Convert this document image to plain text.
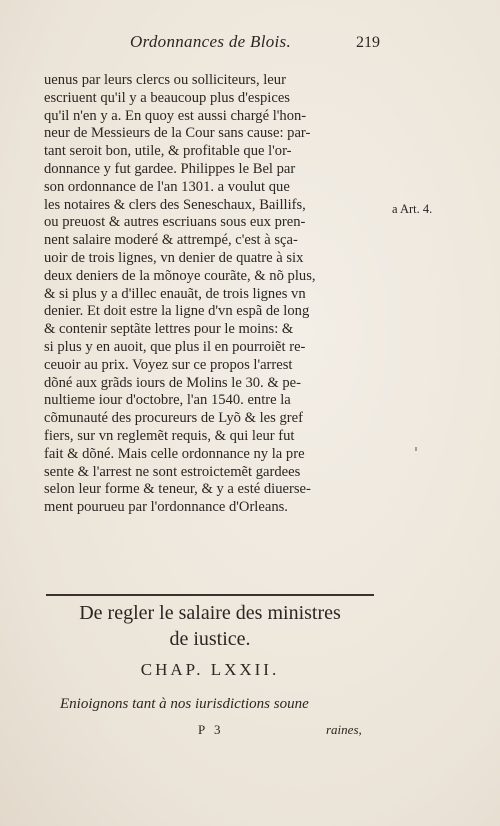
Ordonnances de Blois.	219
uenus par leurs clercs ou solliciteurs, leur
escriuent qu'il y a beaucoup plus d'espices
qu'il n'en y a. En quoy est aussi chargé l'hon-
neur de Messieurs de la Cour sans cause: par-
tant seroit bon, utile, & profitable que l'or-
donnance y fut gardee. Philippes le Bel par
son ordonnance de l'an 1301. a voulut que
les notaires & clers des Seneschaux, Baillifs,
ou preuost & autres escriuans sous eux pren-
nent salaire moderé & attrempé, c'est à sça-
uoir de trois lignes, vn denier de quatre à six
deux deniers de la mõnoye courãte, & nõ plus,
& si plus y a d'illec enauãt, de trois lignes vn
denier. Et doit estre la ligne d'vn espã de long
& contenir septãte lettres pour le moins: &
si plus y en auoit, que plus il en pourroiẽt re-
ceuoir au prix. Voyez sur ce propos l'arrest
dõné aux grãds iours de Molins le 30. & pe-
nultieme iour d'octobre, l'an 1540. entre la
cõmunauté des procureurs de Lyõ & les gref
fiers, sur vn reglemẽt requis, & qui leur fut
fait & dõné. Mais celle ordonnance ny la pre
sente & l'arrest ne sont estroictemẽt gardees
selon leur forme & teneur, & y a esté diuerse-
ment pourueu par l'ordonnance d'Orleans.
a Art. 4.
De regler le salaire des ministres
de iustice.
CHAP. LXXII.
Enioignons tant à nos iurisdictions soune
P 3	raines,
